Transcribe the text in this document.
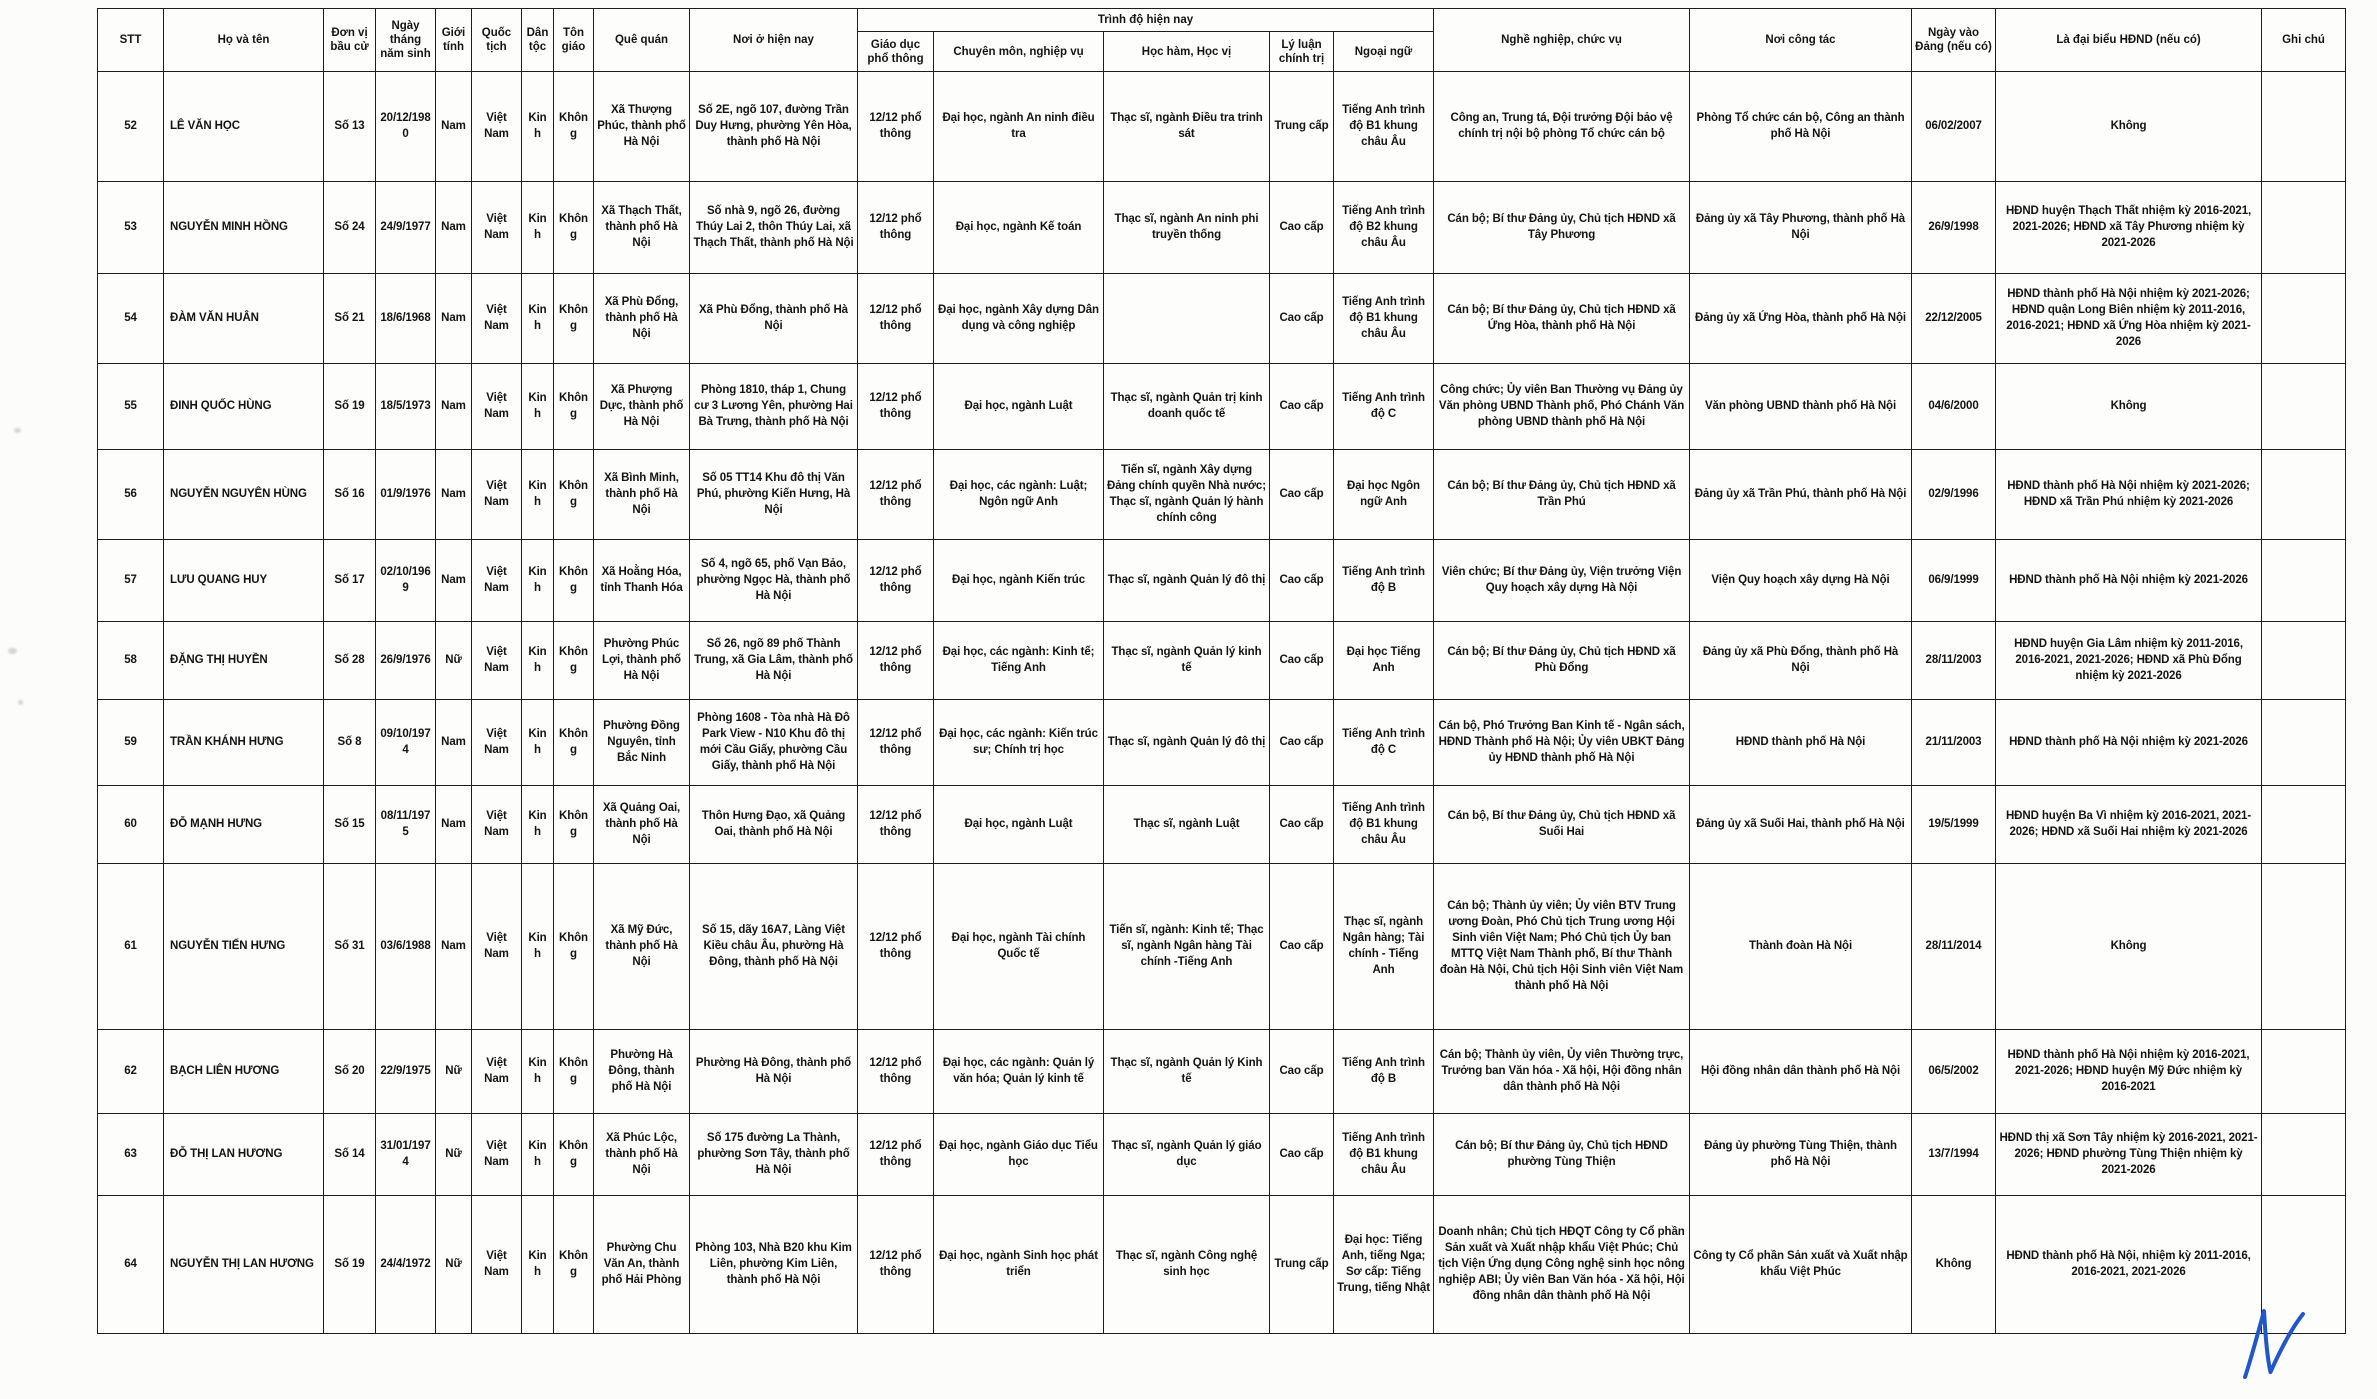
STT	Họ và tên	Đơn vị bầu cử	Ngày tháng năm sinh	Giới tính	Quốc tịch	Dân tộc	Tôn giáo	Quê quán	Nơi ở hiện nay	Trình độ hiện nay					Nghề nghiệp, chức vụ	Nơi công tác	Ngày vào Đảng (nếu có)	Là đại biểu HĐND (nếu có)	Ghi chú
										Giáo dục phổ thông	Chuyên môn, nghiệp vụ	Học hàm, Học vị	Lý luận chính trị	Ngoại ngữ					
52	LÊ VĂN HỌC	Số 13	20/12/1980	Nam	Việt Nam	Kinh	Không	Xã Thượng Phúc, thành phố Hà Nội	Số 2E, ngõ 107, đường Trần Duy Hưng, phường Yên Hòa, thành phố Hà Nội	12/12 phổ thông	Đại học, ngành An ninh điều tra	Thạc sĩ, ngành Điều tra trinh sát	Trung cấp	Tiếng Anh trình độ B1 khung châu Âu	Công an, Trung tá, Đội trưởng Đội bảo vệ chính trị nội bộ phòng Tổ chức cán bộ	Phòng Tổ chức cán bộ, Công an thành phố Hà Nội	06/02/2007	Không	
53	NGUYỄN MINH HỒNG	Số 24	24/9/1977	Nam	Việt Nam	Kinh	Không	Xã Thạch Thất, thành phố Hà Nội	Số nhà 9, ngõ 26, đường Thúy Lai 2, thôn Thúy Lai, xã Thạch Thất, thành phố Hà Nội	12/12 phổ thông	Đại học, ngành Kế toán	Thạc sĩ, ngành An ninh phi truyền thống	Cao cấp	Tiếng Anh trình độ B2 khung châu Âu	Cán bộ; Bí thư Đảng ủy, Chủ tịch HĐND xã Tây Phương	Đảng ủy xã Tây Phương, thành phố Hà Nội	26/9/1998	HĐND huyện Thạch Thất nhiệm kỳ 2016-2021, 2021-2026; HĐND xã Tây Phương nhiệm kỳ 2021-2026	
54	ĐÀM VĂN HUÂN	Số 21	18/6/1968	Nam	Việt Nam	Kinh	Không	Xã Phù Đổng, thành phố Hà Nội	Xã Phù Đổng, thành phố Hà Nội	12/12 phổ thông	Đại học, ngành Xây dựng Dân dụng và công nghiệp		Cao cấp	Tiếng Anh trình độ B1 khung châu Âu	Cán bộ; Bí thư Đảng ủy, Chủ tịch HĐND xã Ứng Hòa, thành phố Hà Nội	Đảng ủy xã Ứng Hòa, thành phố Hà Nội	22/12/2005	HĐND thành phố Hà Nội nhiệm kỳ 2021-2026; HĐND quận Long Biên nhiệm kỳ 2011-2016, 2016-2021; HĐND xã Ứng Hòa nhiệm kỳ 2021-2026	
55	ĐINH QUỐC HÙNG	Số 19	18/5/1973	Nam	Việt Nam	Kinh	Không	Xã Phượng Dực, thành phố Hà Nội	Phòng 1810, tháp 1, Chung cư 3 Lương Yên, phường Hai Bà Trưng, thành phố Hà Nội	12/12 phổ thông	Đại học, ngành Luật	Thạc sĩ, ngành Quản trị kinh doanh quốc tế	Cao cấp	Tiếng Anh trình độ C	Công chức; Ủy viên Ban Thường vụ Đảng ủy Văn phòng UBND Thành phố, Phó Chánh Văn phòng UBND thành phố Hà Nội	Văn phòng UBND thành phố Hà Nội	04/6/2000	Không	
56	NGUYỄN NGUYÊN HÙNG	Số 16	01/9/1976	Nam	Việt Nam	Kinh	Không	Xã Bình Minh, thành phố Hà Nội	Số 05 TT14 Khu đô thị Văn Phú, phường Kiến Hưng, Hà Nội	12/12 phổ thông	Đại học, các ngành: Luật; Ngôn ngữ Anh	Tiến sĩ, ngành Xây dựng Đảng chính quyền Nhà nước; Thạc sĩ, ngành Quản lý hành chính công	Cao cấp	Đại học Ngôn ngữ Anh	Cán bộ; Bí thư Đảng ủy, Chủ tịch HĐND xã Trần Phú	Đảng ủy xã Trần Phú, thành phố Hà Nội	02/9/1996	HĐND thành phố Hà Nội nhiệm kỳ 2021-2026; HĐND xã Trần Phú nhiệm kỳ 2021-2026	
57	LƯU QUANG HUY	Số 17	02/10/1969	Nam	Việt Nam	Kinh	Không	Xã Hoằng Hóa, tỉnh Thanh Hóa	Số 4, ngõ 65, phố Vạn Bảo, phường Ngọc Hà, thành phố Hà Nội	12/12 phổ thông	Đại học, ngành Kiến trúc	Thạc sĩ, ngành Quản lý đô thị	Cao cấp	Tiếng Anh trình độ B	Viên chức; Bí thư Đảng ủy, Viện trưởng Viện Quy hoạch xây dựng Hà Nội	Viện Quy hoạch xây dựng Hà Nội	06/9/1999	HĐND thành phố Hà Nội nhiệm kỳ 2021-2026	
58	ĐẶNG THỊ HUYỀN	Số 28	26/9/1976	Nữ	Việt Nam	Kinh	Không	Phường Phúc Lợi, thành phố Hà Nội	Số 26, ngõ 89 phố Thành Trung, xã Gia Lâm, thành phố Hà Nội	12/12 phổ thông	Đại học, các ngành: Kinh tế; Tiếng Anh	Thạc sĩ, ngành Quản lý kinh tế	Cao cấp	Đại học Tiếng Anh	Cán bộ; Bí thư Đảng ủy, Chủ tịch HĐND xã Phù Đổng	Đảng ủy xã Phù Đổng, thành phố Hà Nội	28/11/2003	HĐND huyện Gia Lâm nhiệm kỳ 2011-2016, 2016-2021, 2021-2026; HĐND xã Phù Đổng nhiệm kỳ 2021-2026	
59	TRẦN KHÁNH HƯNG	Số 8	09/10/1974	Nam	Việt Nam	Kinh	Không	Phường Đồng Nguyên, tỉnh Bắc Ninh	Phòng 1608 - Tòa nhà Hà Đô Park View - N10 Khu đô thị mới Cầu Giấy, phường Cầu Giấy, thành phố Hà Nội	12/12 phổ thông	Đại học, các ngành: Kiến trúc sư; Chính trị học	Thạc sĩ, ngành Quản lý đô thị	Cao cấp	Tiếng Anh trình độ C	Cán bộ, Phó Trưởng Ban Kinh tế - Ngân sách, HĐND Thành phố Hà Nội; Ủy viên UBKT Đảng ủy HĐND thành phố Hà Nội	HĐND thành phố Hà Nội	21/11/2003	HĐND thành phố Hà Nội nhiệm kỳ 2021-2026	
60	ĐỖ MẠNH HƯNG	Số 15	08/11/1975	Nam	Việt Nam	Kinh	Không	Xã Quảng Oai, thành phố Hà Nội	Thôn Hưng Đạo, xã Quảng Oai, thành phố Hà Nội	12/12 phổ thông	Đại học, ngành Luật	Thạc sĩ, ngành Luật	Cao cấp	Tiếng Anh trình độ B1 khung châu Âu	Cán bộ, Bí thư Đảng ủy, Chủ tịch HĐND xã Suối Hai	Đảng ủy xã Suối Hai, thành phố Hà Nội	19/5/1999	HĐND huyện Ba Vì nhiệm kỳ 2016-2021, 2021-2026; HĐND xã Suối Hai nhiệm kỳ 2021-2026	
61	NGUYỄN TIẾN HƯNG	Số 31	03/6/1988	Nam	Việt Nam	Kinh	Không	Xã Mỹ Đức, thành phố Hà Nội	Số 15, dãy 16A7, Làng Việt Kiều châu Âu, phường Hà Đông, thành phố Hà Nội	12/12 phổ thông	Đại học, ngành Tài chính Quốc tế	Tiến sĩ, ngành: Kinh tế; Thạc sĩ, ngành Ngân hàng Tài chính -Tiếng Anh	Cao cấp	Thạc sĩ, ngành Ngân hàng; Tài chính - Tiếng Anh	Cán bộ; Thành ủy viên; Ủy viên BTV Trung ương Đoàn, Phó Chủ tịch Trung ương Hội Sinh viên Việt Nam; Phó Chủ tịch Ủy ban MTTQ Việt Nam Thành phố, Bí thư Thành đoàn Hà Nội, Chủ tịch Hội Sinh viên Việt Nam thành phố Hà Nội	Thành đoàn Hà Nội	28/11/2014	Không	
62	BẠCH LIÊN HƯƠNG	Số 20	22/9/1975	Nữ	Việt Nam	Kinh	Không	Phường Hà Đông, thành phố Hà Nội	Phường Hà Đông, thành phố Hà Nội	12/12 phổ thông	Đại học, các ngành: Quản lý văn hóa; Quản lý kinh tế	Thạc sĩ, ngành Quản lý Kinh tế	Cao cấp	Tiếng Anh trình độ B	Cán bộ; Thành ủy viên, Ủy viên Thường trực, Trưởng ban Văn hóa - Xã hội, Hội đồng nhân dân thành phố Hà Nội	Hội đồng nhân dân thành phố Hà Nội	06/5/2002	HĐND thành phố Hà Nội nhiệm kỳ 2016-2021, 2021-2026; HĐND huyện Mỹ Đức nhiệm kỳ 2016-2021	
63	ĐỖ THỊ LAN HƯƠNG	Số 14	31/01/1974	Nữ	Việt Nam	Kinh	Không	Xã Phúc Lộc, thành phố Hà Nội	Số 175 đường La Thành, phường Sơn Tây, thành phố Hà Nội	12/12 phổ thông	Đại học, ngành Giáo dục Tiểu học	Thạc sĩ, ngành Quản lý giáo dục	Cao cấp	Tiếng Anh trình độ B1 khung châu Âu	Cán bộ; Bí thư Đảng ủy, Chủ tịch HĐND phường Tùng Thiện	Đảng ủy phường Tùng Thiện, thành phố Hà Nội	13/7/1994	HĐND thị xã Sơn Tây nhiệm kỳ 2016-2021, 2021-2026; HĐND phường Tùng Thiện nhiệm kỳ 2021-2026	
64	NGUYỄN THỊ LAN HƯƠNG	Số 19	24/4/1972	Nữ	Việt Nam	Kinh	Không	Phường Chu Văn An, thành phố Hải Phòng	Phòng 103, Nhà B20 khu Kim Liên, phường Kim Liên, thành phố Hà Nội	12/12 phổ thông	Đại học, ngành Sinh học phát triển	Thạc sĩ, ngành Công nghệ sinh học	Trung cấp	Đại học: Tiếng Anh, tiếng Nga; Sơ cấp: Tiếng Trung, tiếng Nhật	Doanh nhân; Chủ tịch HĐQT Công ty Cổ phần Sản xuất và Xuất nhập khẩu Việt Phúc; Chủ tịch Viện Ứng dụng Công nghệ sinh học nông nghiệp ABI; Ủy viên Ban Văn hóa - Xã hội, Hội đồng nhân dân thành phố Hà Nội	Công ty Cổ phần Sản xuất và Xuất nhập khẩu Việt Phúc	Không	HĐND thành phố Hà Nội, nhiệm kỳ 2011-2016, 2016-2021, 2021-2026	
